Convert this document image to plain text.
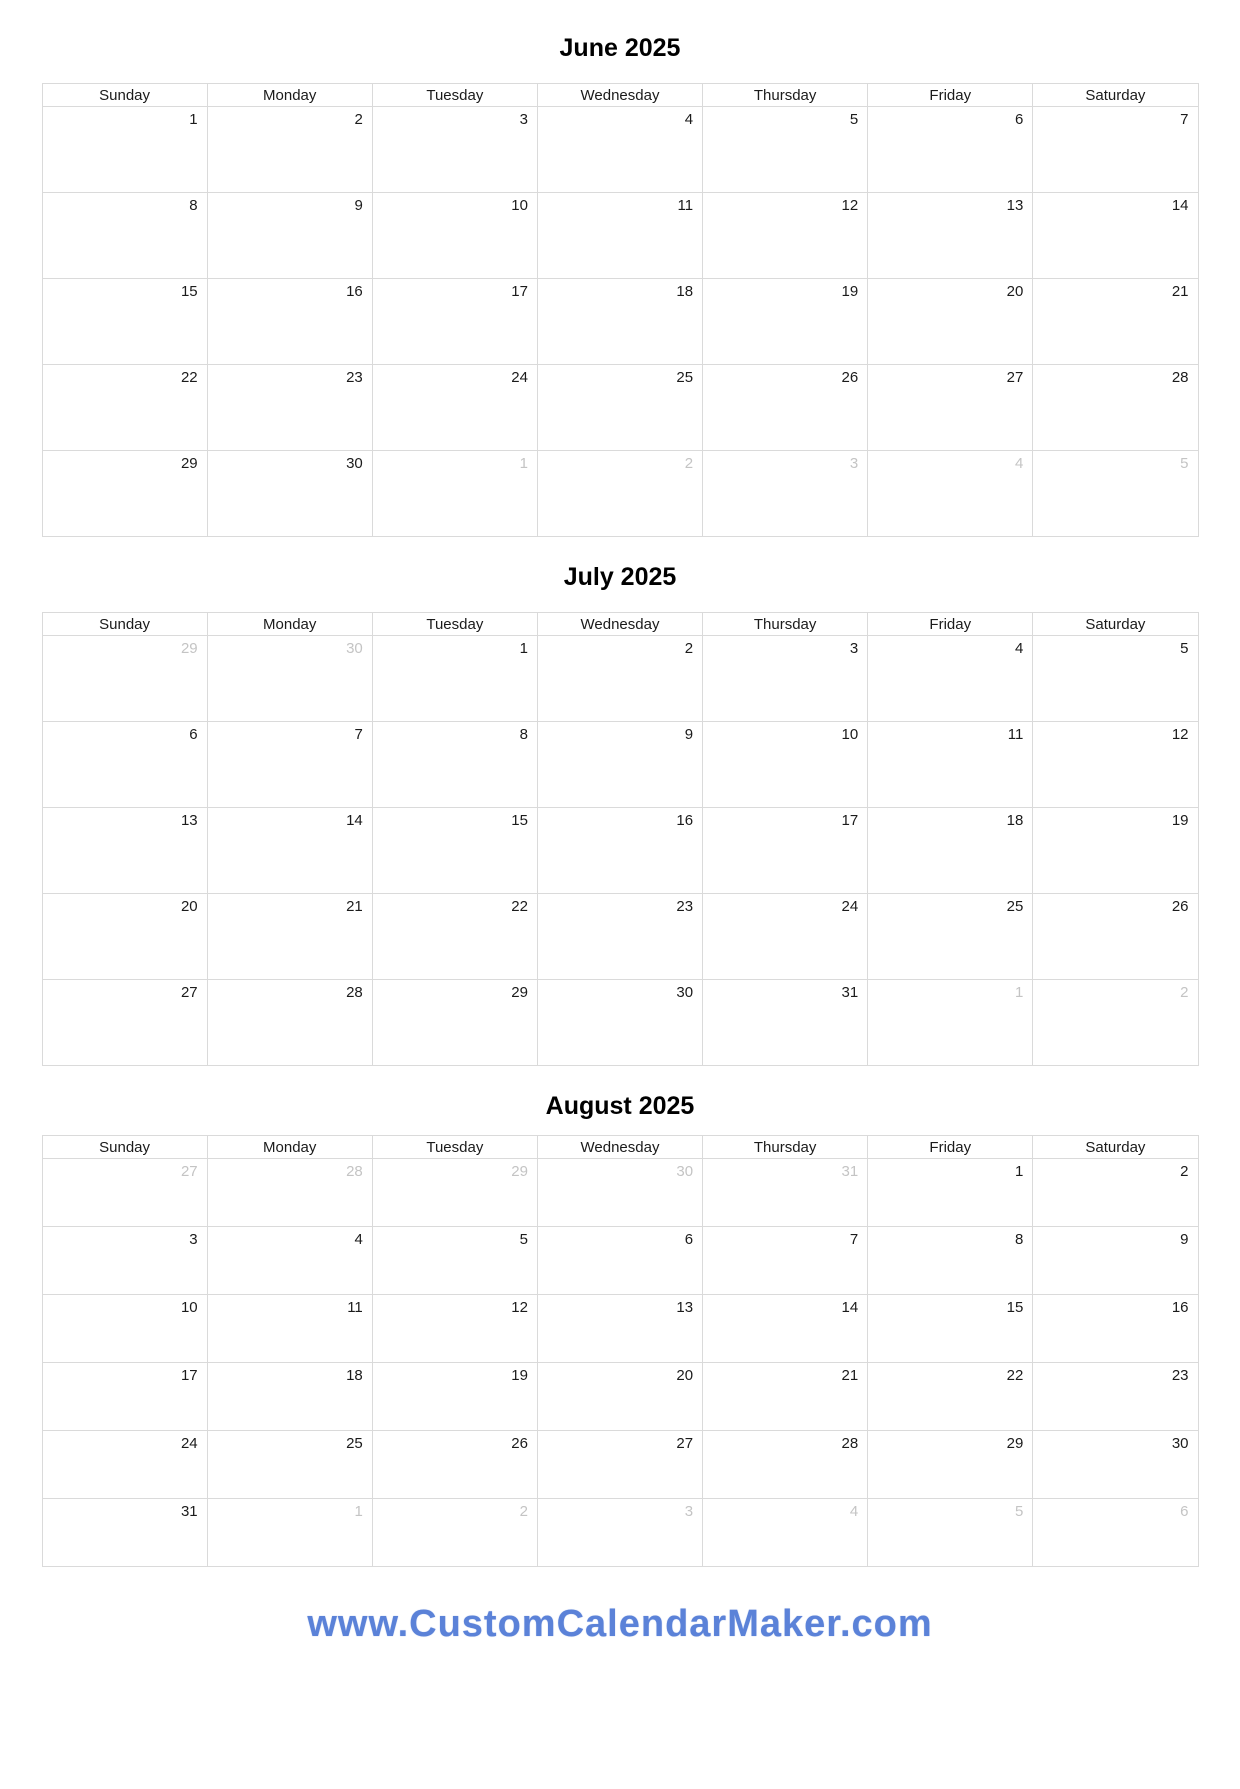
June 2025
Sunday	Monday	Tuesday	Wednesday	Thursday	Friday	Saturday
1	2	3	4	5	6	7
8	9	10	11	12	13	14
15	16	17	18	19	20	21
22	23	24	25	26	27	28
29	30	1	2	3	4	5
July 2025
Sunday	Monday	Tuesday	Wednesday	Thursday	Friday	Saturday
29	30	1	2	3	4	5
6	7	8	9	10	11	12
13	14	15	16	17	18	19
20	21	22	23	24	25	26
27	28	29	30	31	1	2
August 2025
Sunday	Monday	Tuesday	Wednesday	Thursday	Friday	Saturday
27	28	29	30	31	1	2
3	4	5	6	7	8	9
10	11	12	13	14	15	16
17	18	19	20	21	22	23
24	25	26	27	28	29	30
31	1	2	3	4	5	6
www.CustomCalendarMaker.com
